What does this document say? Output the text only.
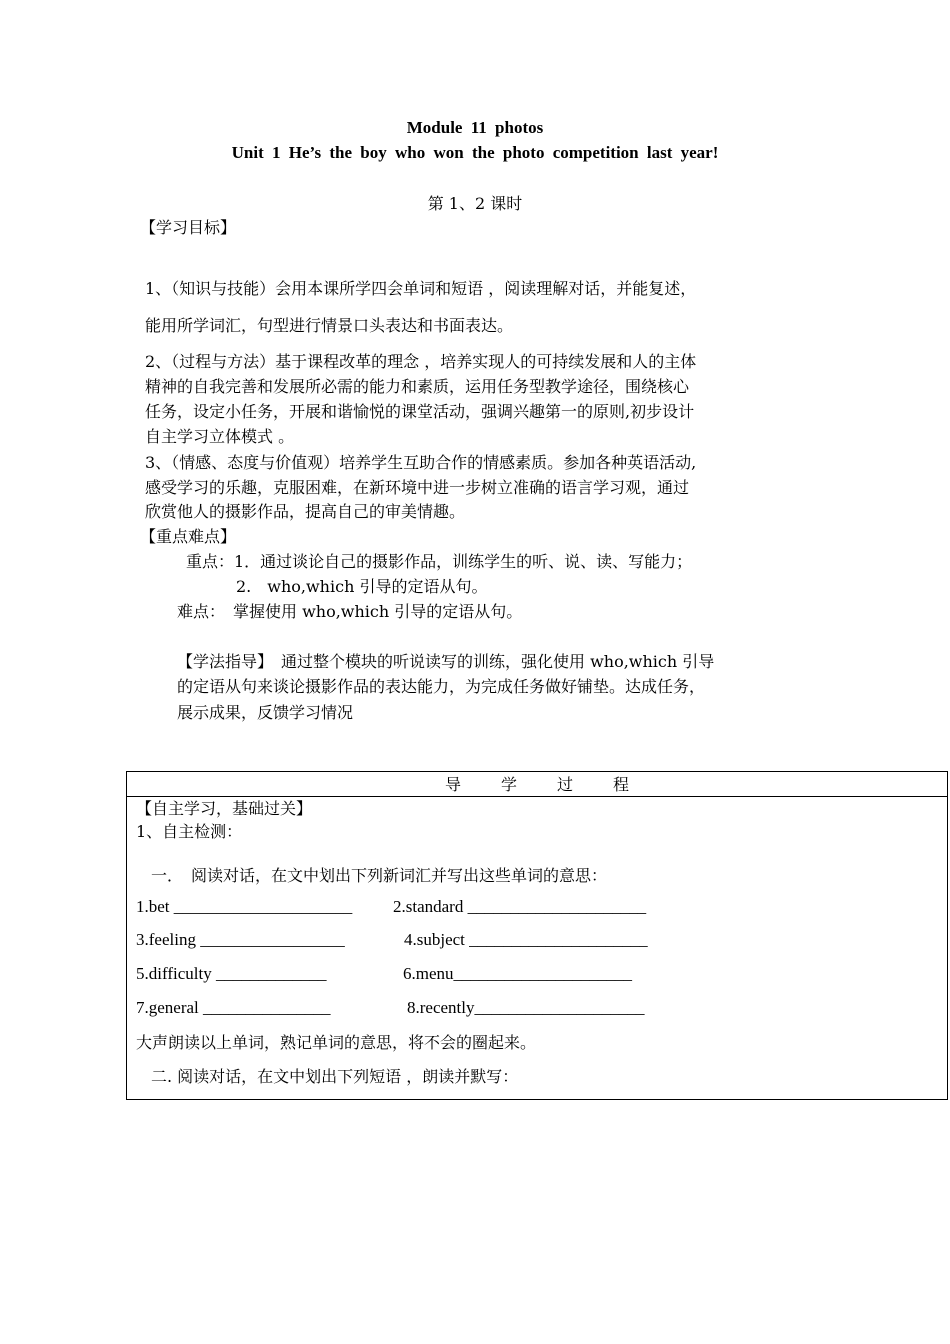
Module 11 photos
Unit 1 He’s the boy who won the photo competition last year!
第 1、2 课时
【学习目标】
1、（知识与技能）会用本课所学四会单词和短语 ，阅读理解对话，并能复述，
能用所学词汇，句型进行情景口头表达和书面表达。
2、（过程与方法）基于课程改革的理念 ，培养实现人的可持续发展和人的主体
精神的自我完善和发展所必需的能力和素质，运用任务型教学途径，围绕核心
任务，设定小任务，开展和谐愉悦的课堂活动，强调兴趣第一的原则,初步设计
自主学习立体模式 。
3、（情感、态度与价值观）培养学生互助合作的情感素质。参加各种英语活动,
感受学习的乐趣，克服困难，在新环境中进一步树立准确的语言学习观，通过
欣赏他人的摄影作品，提高自己的审美情趣。
【重点难点】
重点：1．通过谈论自己的摄影作品，训练学生的听、说、读、写能力；
2.　who,which 引导的定语从句。
难点：　掌握使用 who,which 引导的定语从句。
【学法指导】　通过整个模块的听说读写的训练，强化使用 who,which 引导
的定语从句来谈论摄影作品的表达能力，为完成任务做好铺垫。达成任务，
展示成果，反馈学习情况
导学过程
【自主学习，基础过关】
1、自主检测：
一．　阅读对话，在文中划出下列新词汇并写出这些单词的意思：
1.bet _____________________ 2.standard _____________________
3.feeling _________________	4.subject _____________________
5.difficulty _____________	6.menu_____________________
7.general _______________	8.recently____________________
大声朗读以上单词，熟记单词的意思，将不会的圈起来。
二. 阅读对话，在文中划出下列短语 ，朗读并默写：
